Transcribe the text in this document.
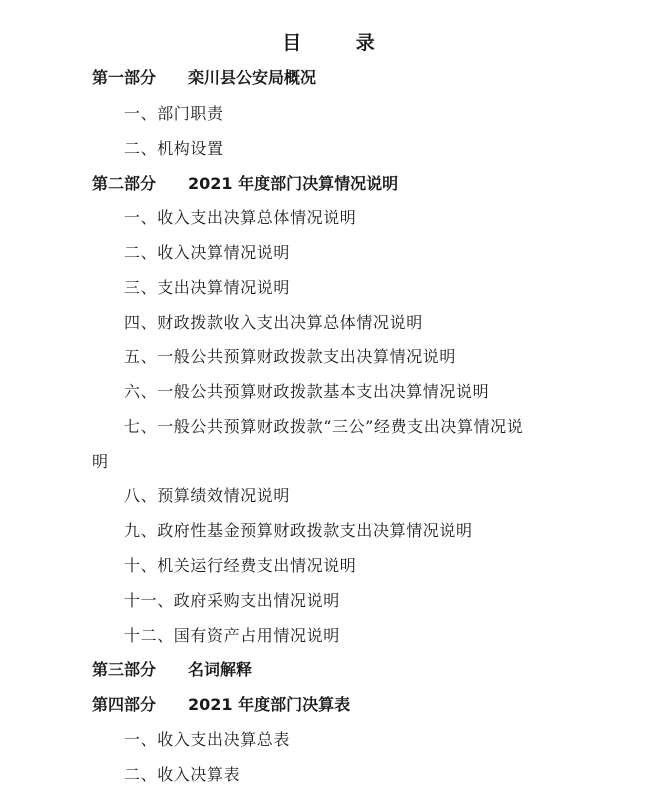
目 录
第一部分 栾川县公安局概况
一、部门职责
二、机构设置
第二部分 2021 年度部门决算情况说明
一、收入支出决算总体情况说明
二、收入决算情况说明
三、支出决算情况说明
四、财政拨款收入支出决算总体情况说明
五、一般公共预算财政拨款支出决算情况说明
六、一般公共预算财政拨款基本支出决算情况说明
七、一般公共预算财政拨款“三公”经费支出决算情况说
明
八、预算绩效情况说明
九、政府性基金预算财政拨款支出决算情况说明
十、机关运行经费支出情况说明
十一、政府采购支出情况说明
十二、国有资产占用情况说明
第三部分 名词解释
第四部分 2021 年度部门决算表
一、收入支出决算总表
二、收入决算表
